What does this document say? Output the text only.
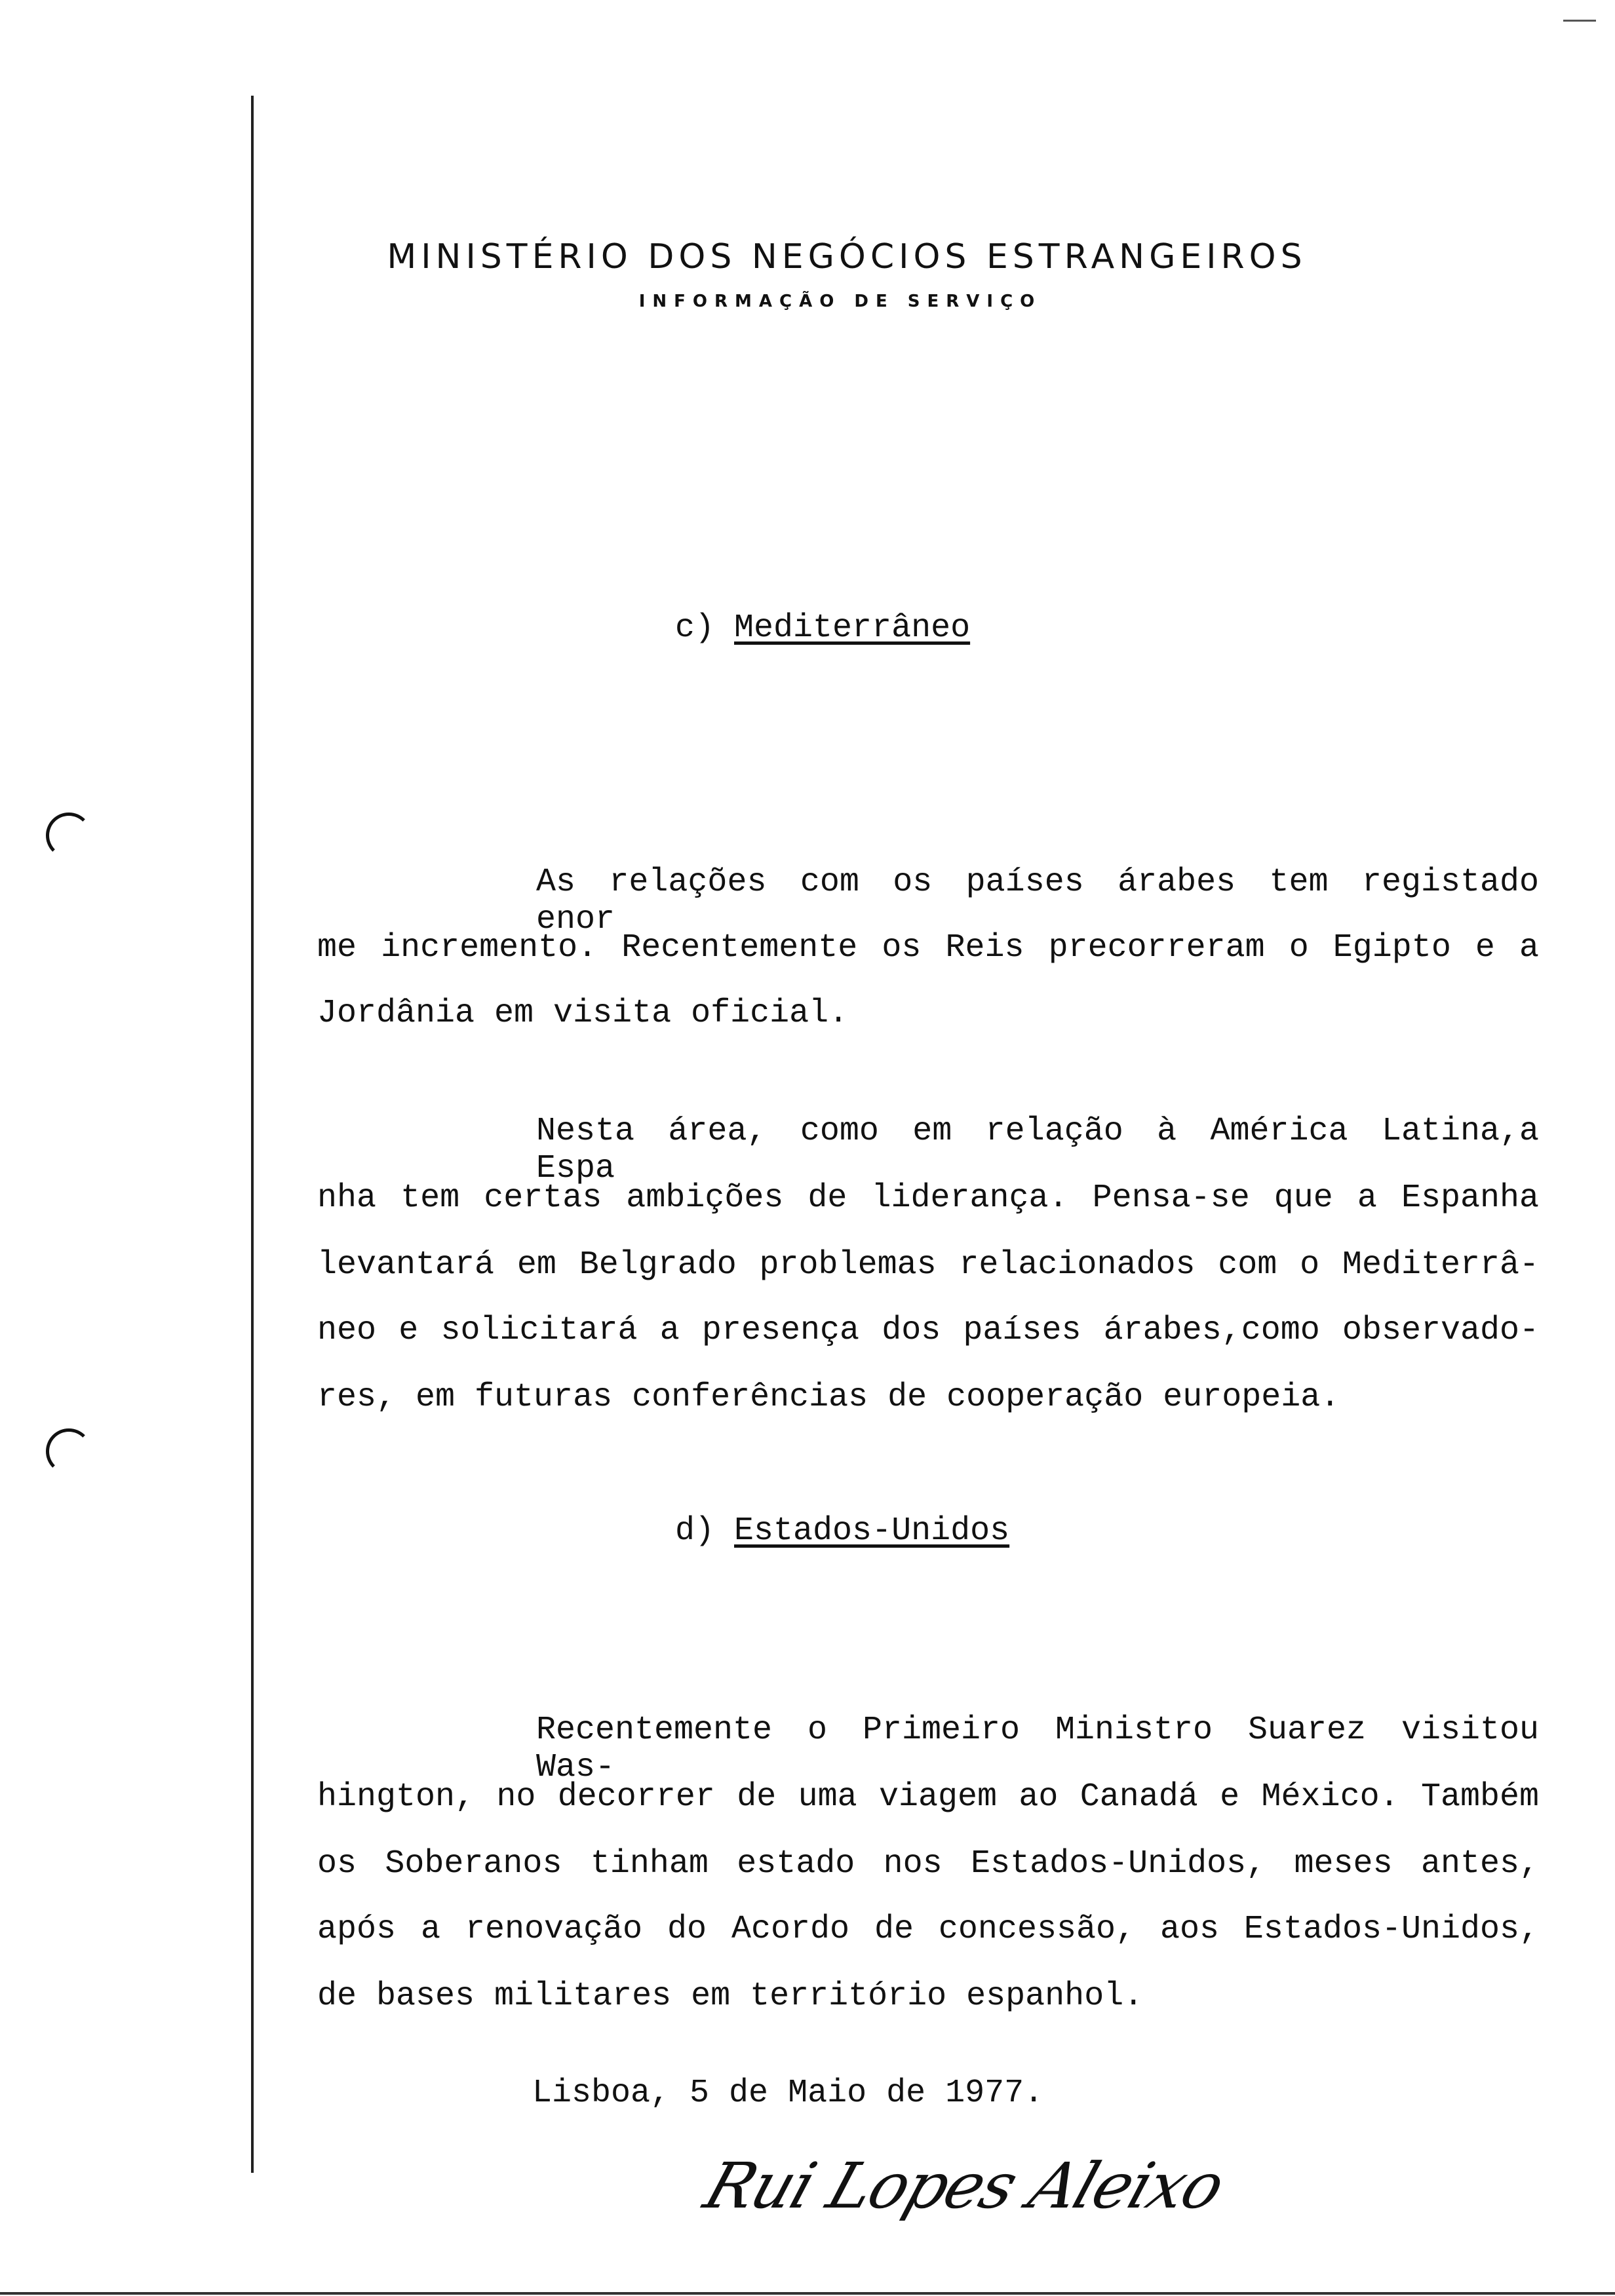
MINISTÉRIO DOS NEGÓCIOS ESTRANGEIROS
INFORMAÇÃO DE SERVIÇO
c) Mediterrâneo
As relações com os países árabes tem registado enor
me incremento. Recentemente os Reis precorreram o Egipto e a
Jordânia em visita oficial.
Nesta área, como em relação à América Latina,a Espa
nha tem certas ambições de liderança. Pensa-se que a Espanha
levantará em Belgrado problemas relacionados com o Mediterrâ-
neo e solicitará a presença dos países árabes,como observado-
res, em futuras conferências de cooperação europeia.
d) Estados-Unidos
Recentemente o Primeiro Ministro Suarez visitou Was-
hington, no decorrer de uma viagem ao Canadá e México. Também
os Soberanos tinham estado nos Estados-Unidos, meses antes,
após a renovação do Acordo de concessão, aos Estados-Unidos,
de bases militares em território espanhol.
Lisboa, 5 de Maio de 1977.
Rui Lopes Aleixo
